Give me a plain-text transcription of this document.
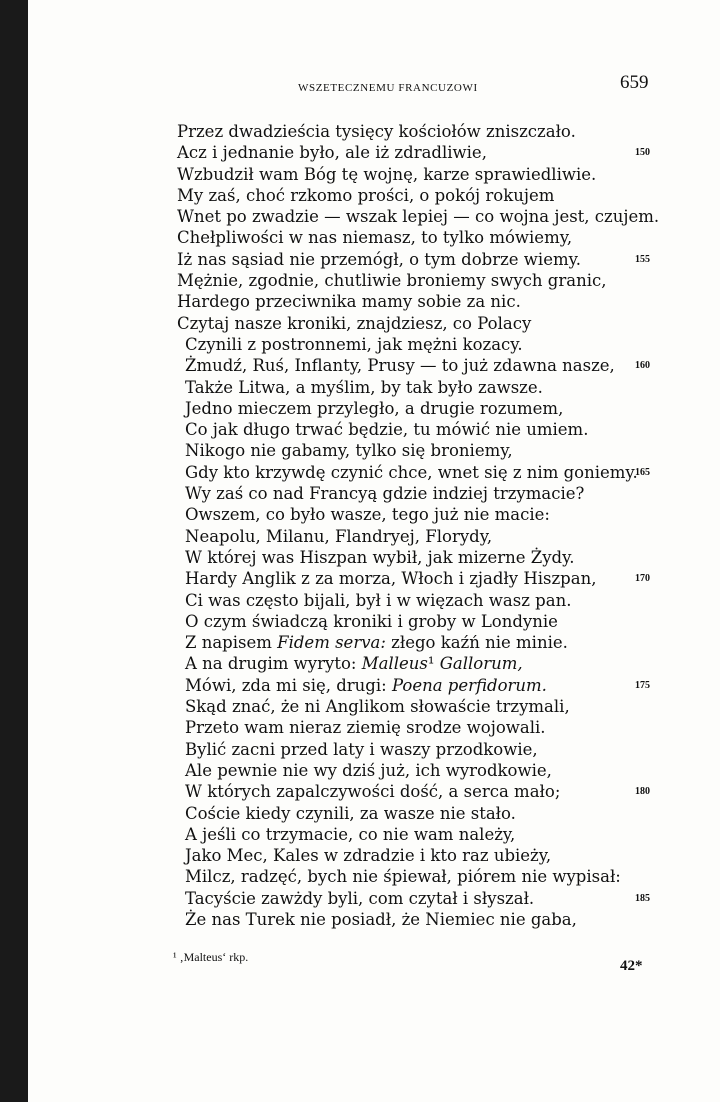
WSZETECZNEMU FRANCUZOWI	659
Przez dwadzieścia tysięcy kościołów zniszczało.
Acz i jednanie było, ale iż zdradliwie,	150
Wzbudził wam Bóg tę wojnę, karze sprawiedliwie.
My zaś, choć rzkomo prości, o pokój rokujem
Wnet po zwadzie — wszak lepiej — co wojna jest, czujem.
Chełpliwości w nas niemasz, to tylko mówiemy,
Iż nas sąsiad nie przemógł, o tym dobrze wiemy.	155
Mężnie, zgodnie, chutliwie broniemy swych granic,
Hardego przeciwnika mamy sobie za nic.
Czytaj nasze kroniki, znajdziesz, co Polacy
Czynili z postronnemi, jak mężni kozacy.
Żmudź, Ruś, Inflanty, Prusy — to już zdawna nasze, 160
Także Litwa, a myślim, by tak było zawsze.
Jedno mieczem przyległo, a drugie rozumem,
Co jak długo trwać będzie, tu mówić nie umiem.
Nikogo nie gabamy, tylko się broniemy,
Gdy kto krzywdę czynić chce, wnet się z nim goniemy.
165
Wy zaś co nad Francyą gdzie indziej trzymacie?
Owszem, co było wasze, tego już nie macie:
Neapolu, Milanu, Flandryej, Florydy,
W której was Hiszpan wybił, jak mizerne Żydy.
Hardy Anglik z za morza, Włoch i zjadły Hiszpan,	170
Ci was często bijali, był i w więzach wasz pan.
O czym świadczą kroniki i groby w Londynie
Z napisem Fidem serva: złego kaźń nie minie.
A na drugim wyryto: Malleus¹ Gallorum,
Mówi, zda mi się, drugi: Poena perfidorum.	175
Skąd znać, że ni Anglikom słowaście trzymali,
Przeto wam nieraz ziemię srodze wojowali.
Bylić zacni przed laty i waszy przodkowie,
Ale pewnie nie wy dziś już, ich wyrodkowie,
W których zapalczywości dość, a serca mało;	180
Coście kiedy czynili, za wasze nie stało.
A jeśli co trzymacie, co nie wam należy,
Jako Mec, Kales w zdradzie i kto raz ubieży,
Milcz, radzęć, bych nie śpiewał, piórem nie wypisał:
Tacyście zawżdy byli, com czytał i słyszał.	185
Że nas Turek nie posiadł, że Niemiec nie gaba,
¹ ‚Malteus‘ rkp.
42*
